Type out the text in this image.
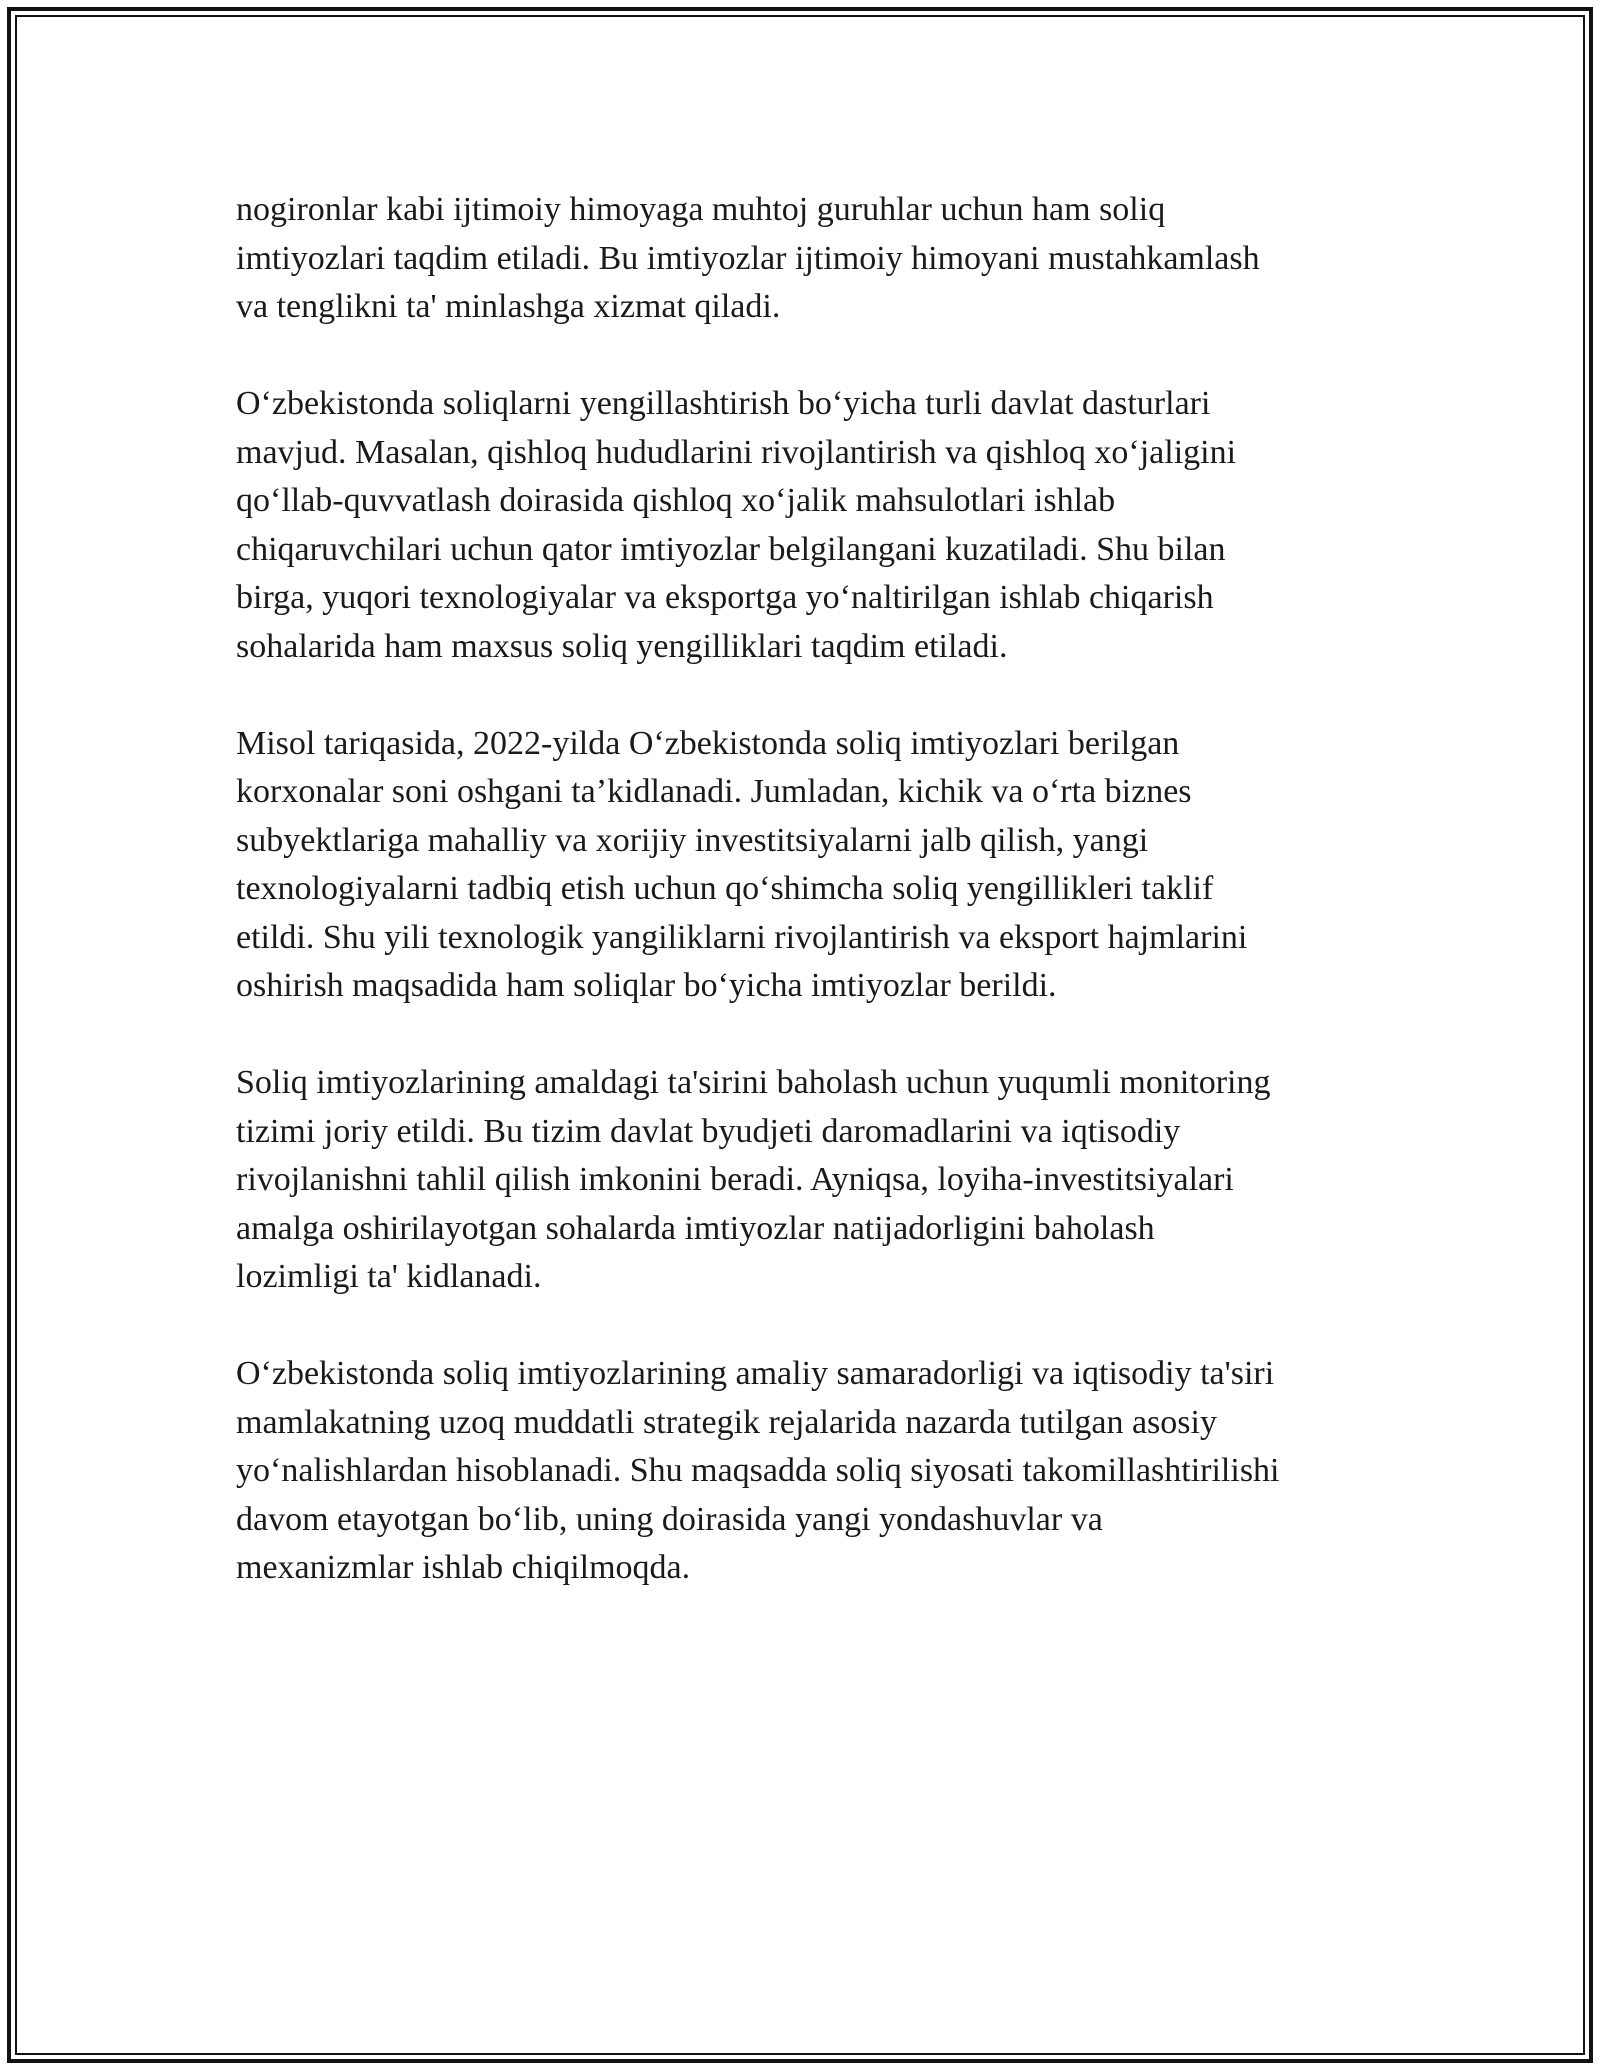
nogironlar kabi ijtimoiy himoyaga muhtoj guruhlar uchun ham soliq
imtiyozlari taqdim etiladi. Bu imtiyozlar ijtimoiy himoyani mustahkamlash
va tenglikni ta' minlashga xizmat qiladi.

O‘zbekistonda soliqlarni yengillashtirish bo‘yicha turli davlat dasturlari
mavjud. Masalan, qishloq hududlarini rivojlantirish va qishloq xo‘jaligini
qo‘llab-quvvatlash doirasida qishloq xo‘jalik mahsulotlari ishlab
chiqaruvchilari uchun qator imtiyozlar belgilangani kuzatiladi. Shu bilan
birga, yuqori texnologiyalar va eksportga yo‘naltirilgan ishlab chiqarish
sohalarida ham maxsus soliq yengilliklari taqdim etiladi.

Misol tariqasida, 2022-yilda O‘zbekistonda soliq imtiyozlari berilgan
korxonalar soni oshgani ta’kidlanadi. Jumladan, kichik va o‘rta biznes
subyektlariga mahalliy va xorijiy investitsiyalarni jalb qilish, yangi
texnologiyalarni tadbiq etish uchun qo‘shimcha soliq yengillikleri taklif
etildi. Shu yili texnologik yangiliklarni rivojlantirish va eksport hajmlarini
oshirish maqsadida ham soliqlar bo‘yicha imtiyozlar berildi.

Soliq imtiyozlarining amaldagi ta'sirini baholash uchun yuqumli monitoring
tizimi joriy etildi. Bu tizim davlat byudjeti daromadlarini va iqtisodiy
rivojlanishni tahlil qilish imkonini beradi. Ayniqsa, loyiha-investitsiyalari
amalga oshirilayotgan sohalarda imtiyozlar natijadorligini baholash
lozimligi ta' kidlanadi.

O‘zbekistonda soliq imtiyozlarining amaliy samaradorligi va iqtisodiy ta'siri
mamlakatning uzoq muddatli strategik rejalarida nazarda tutilgan asosiy
yo‘nalishlardan hisoblanadi. Shu maqsadda soliq siyosati takomillashtirilishi
davom etayotgan bo‘lib, uning doirasida yangi yondashuvlar va
mexanizmlar ishlab chiqilmoqda.
